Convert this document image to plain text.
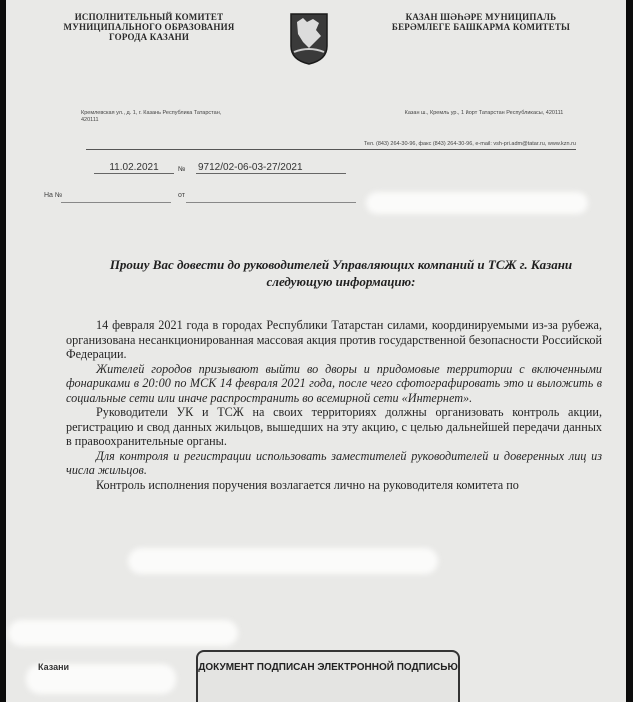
ИСПОЛНИТЕЛЬНЫЙ КОМИТЕТ МУНИЦИПАЛЬНОГО ОБРАЗОВАНИЯ ГОРОДА КАЗАНИ
КАЗАН ШӘҺӘРЕ МУНИЦИПАЛЬ БЕРӘМЛЕГЕ БАШКАРМА КОМИТЕТЫ
Кремлевская ул., д. 1, г. Казань Республика Татарстан, 420111
Казан ш., Кремль ур., 1 йорт Татарстан Республикасы, 420111
Тел. (843) 264-30-96, факс (843) 264-30-96, e-mail: vsh-pri.adm@tatar.ru, www.kzn.ru
11.02.2021	№ 9712/02-06-03-27/2021
На №	от
Прошу Вас довести до руководителей Управляющих компаний и ТСЖ г. Казани следующую информацию:

14 февраля 2021 года в городах Республики Татарстан силами, координируемыми из-за рубежа, организована несанкционированная массовая акция против государственной безопасности Российской Федерации.

Жителей городов призывают выйти во дворы и придомовые территории с включенными фонариками в 20:00 по МСК 14 февраля 2021 года, после чего сфотографировать это и выложить в социальные сети или иначе распространить во всемирной сети «Интернет».

Руководители УК и ТСЖ на своих территориях должны организовать контроль акции, регистрацию и свод данных жильцов, вышедших на эту акцию, с целью дальнейшей передачи данных в правоохранительные органы.

Для контроля и регистрации использовать заместителей руководителей и доверенных лиц из числа жильцов.

Контроль исполнения поручения возлагается лично на руководителя комитета по

Казани	ДОКУМЕНТ ПОДПИСАН ЭЛЕКТРОННОЙ ПОДПИСЬЮ
